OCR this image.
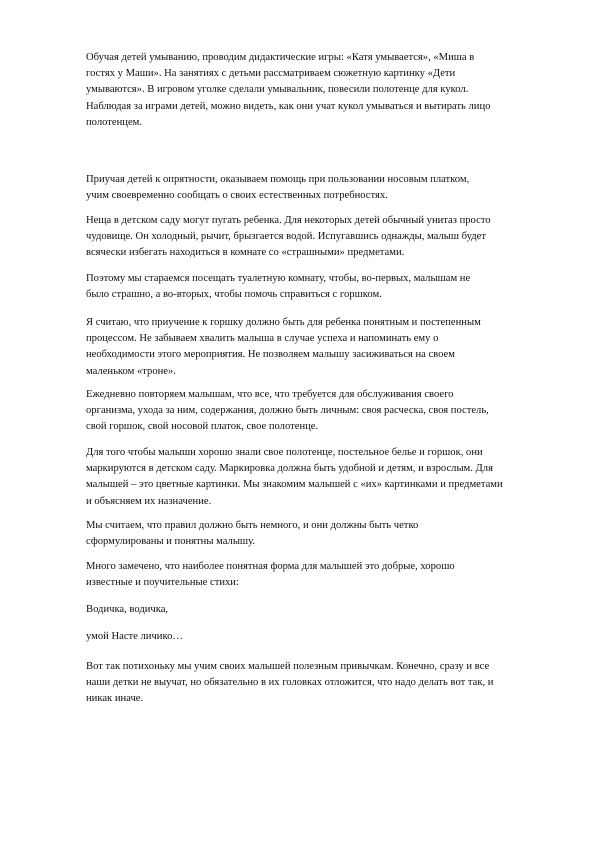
Обучая детей умыванию, проводим дидактические игры: «Катя умывается», «Миша в
гостях у Маши». На занятиях с детьми рассматриваем сюжетную картинку «Дети
умываются». В игровом уголке сделали умывальник, повесили полотенце для кукол.
Наблюдая за играми детей, можно видеть, как они учат кукол умываться и вытирать лицо
полотенцем.
Приучая детей к опрятности, оказываем помощь при пользовании носовым платком,
учим своевременно сообщать о своих естественных потребностях.
Неща в детском саду могут пугать ребенка. Для некоторых детей обычный унитаз просто
чудовище. Он холодный, рычит, брызгается водой. Испугавшись однажды, малыш будет
всячески избегать находиться в комнате со «страшными» предметами.
Поэтому мы стараемся посещать туалетную комнату, чтобы, во-первых, малышам не
было страшно, а во-вторых, чтобы помочь справиться с горшком.
Я считаю, что приучение к горшку должно быть для ребенка понятным и постепенным
процессом. Не забываем хвалить малыша в случае успеха и напоминать ему о
необходимости этого мероприятия. Не позволяем малышу засиживаться на своем
маленьком «троне».
Ежедневно повторяем малышам, что все, что требуется для обслуживания своего
организма, ухода за ним, содержания, должно быть личным: своя расческа, своя постель,
свой горшок, свой носовой платок, свое полотенце.
Для того чтобы малыши хорошо знали свое полотенце, постельное белье и горшок, они
маркируются в детском саду. Маркировка должна быть удобной и детям, и взрослым. Для
малышей – это цветные картинки. Мы знакомим малышей с «их» картинками и предметами
и объясняем их назначение.
Мы считаем, что правил должно быть немного, и они должны быть четко
сформулированы и понятны малышу.
Много замечено, что наиболее понятная форма для малышей это добрые, хорошо
известные и поучительные стихи:
Водичка, водичка,
умой Насте личико…
Вот так потихоньку мы учим своих малышей полезным привычкам. Конечно, сразу и все
наши детки не выучат, но обязательно в их головках отложится, что надо делать вот так, и
никак иначе.
